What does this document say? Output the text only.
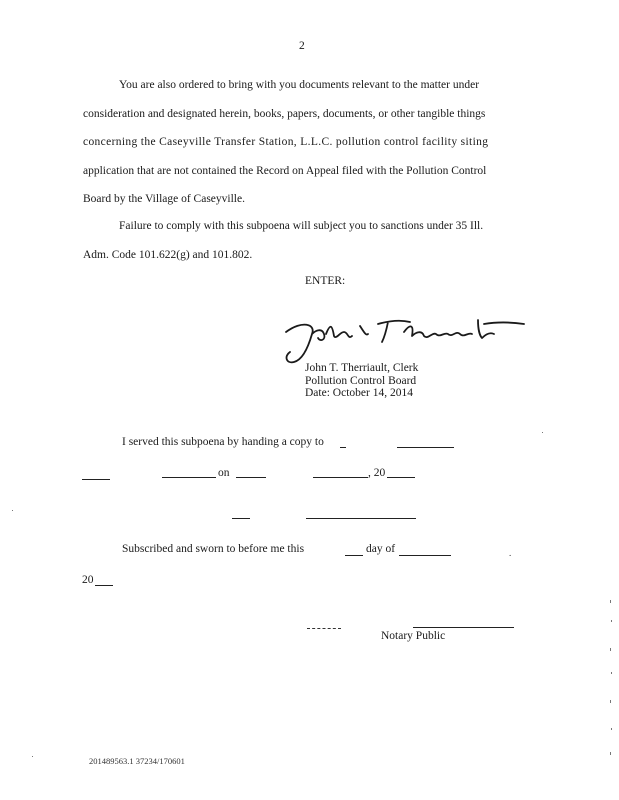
2
You are also ordered to bring with you documents relevant to the matter under
consideration and designated herein, books, papers, documents, or other tangible things
concerning the Caseyville Transfer Station, L.L.C. pollution control facility siting
application that are not contained the Record on Appeal filed with the Pollution Control
Board by the Village of Caseyville.
Failure to comply with this subpoena will subject you to sanctions under 35 Ill.
Adm. Code 101.622(g) and 101.802.
ENTER:
John T. Therriault, Clerk
Pollution Control Board
Date: October 14, 2014
I served this subpoena by handing a copy to
on	, 20
Subscribed and sworn to before me this	day of	.
20
Notary Public
201489563.1 37234/170601
